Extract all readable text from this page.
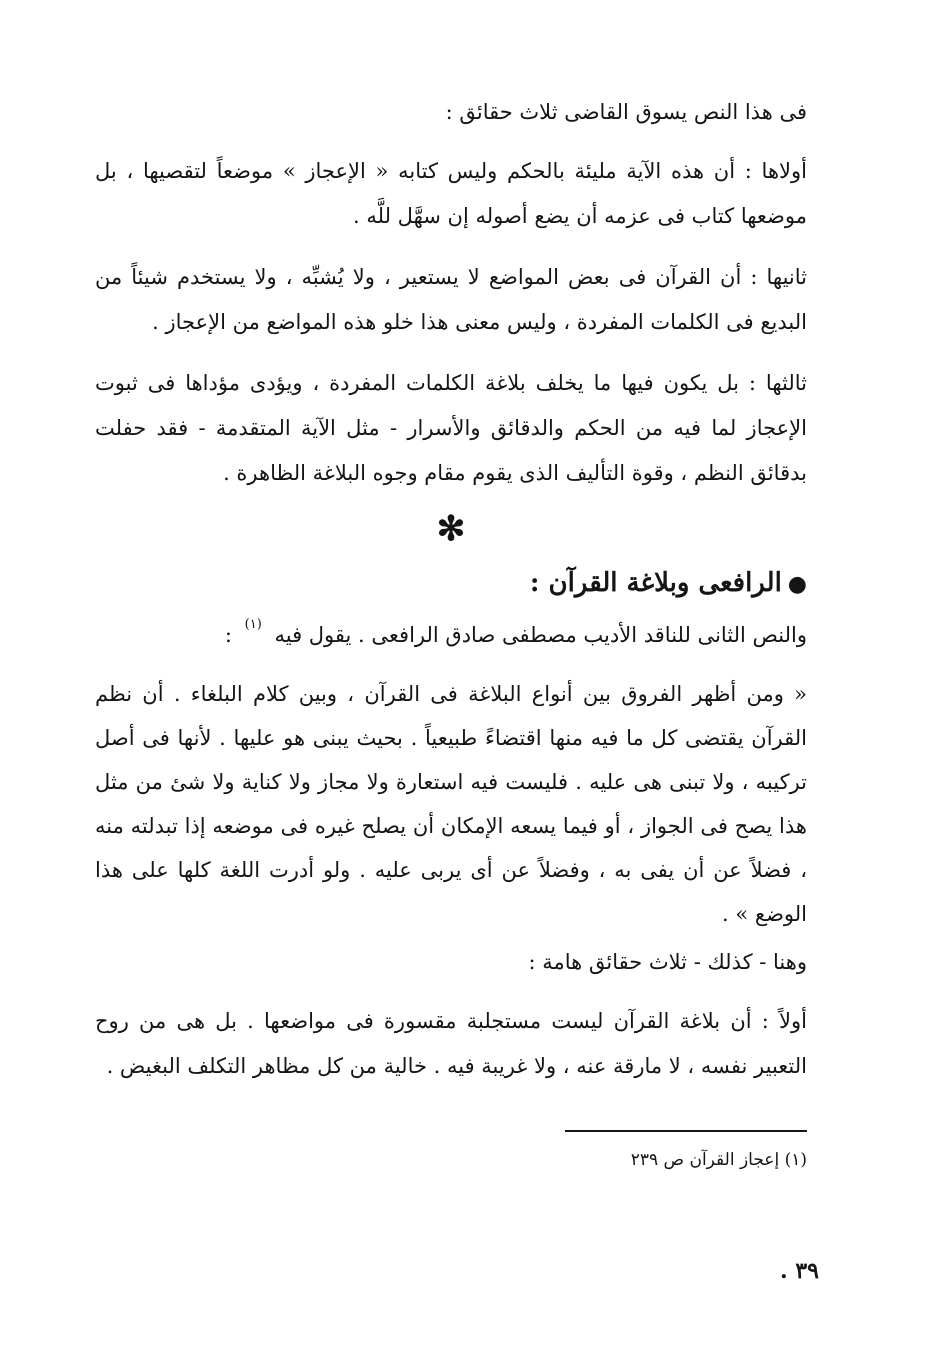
فى هذا النص يسوق القاضى ثلاث حقائق :

أولاها : أن هذه الآية مليئة بالحكم وليس كتابه « الإعجاز » موضعاً لتقصيها ، بل موضعها كتاب فى عزمه أن يضع أصوله إن سهَّل للَّه .

ثانيها : أن القرآن فى بعض المواضع لا يستعير ، ولا يُشبِّه ، ولا يستخدم شيئاً من البديع فى الكلمات المفردة ، وليس معنى هذا خلو هذه المواضع من الإعجاز .

ثالثها : بل يكون فيها ما يخلف بلاغة الكلمات المفردة ، ويؤدى مؤداها فى ثبوت الإعجاز لما فيه من الحكم والدقائق والأسرار - مثل الآية المتقدمة - فقد حفلت بدقائق النظم ، وقوة التأليف الذى يقوم مقام وجوه البلاغة الظاهرة .

✻
●الرافعى وبلاغة القرآن :

والنص الثانى للناقد الأديب مصطفى صادق الرافعى . يقول فيه $^{(١)}$ :

« ومن أظهر الفروق بين أنواع البلاغة فى القرآن ، وبين كلام البلغاء . أن نظم القرآن يقتضى كل ما فيه منها اقتضاءً طبيعياً . بحيث يبنى هو عليها . لأنها فى أصل تركيبه ، ولا تبنى هى عليه . فليست فيه استعارة ولا مجاز ولا كناية ولا شئ من مثل هذا يصح فى الجواز ، أو فيما يسعه الإمكان أن يصلح غيره فى موضعه إذا تبدلته منه ، فضلاً عن أن يفى به ، وفضلاً عن أى يربى عليه . ولو أدرت اللغة كلها على هذا الوضع » .

وهنا - كذلك - ثلاث حقائق هامة :

أولاً : أن بلاغة القرآن ليست مستجلبة مقسورة فى مواضعها . بل هى من روح التعبير نفسه ، لا مارقة عنه ، ولا غريبة فيه . خالية من كل مظاهر التكلف البغيض .

(١) إعجاز القرآن ص ٢٣٩
٣٩ .
